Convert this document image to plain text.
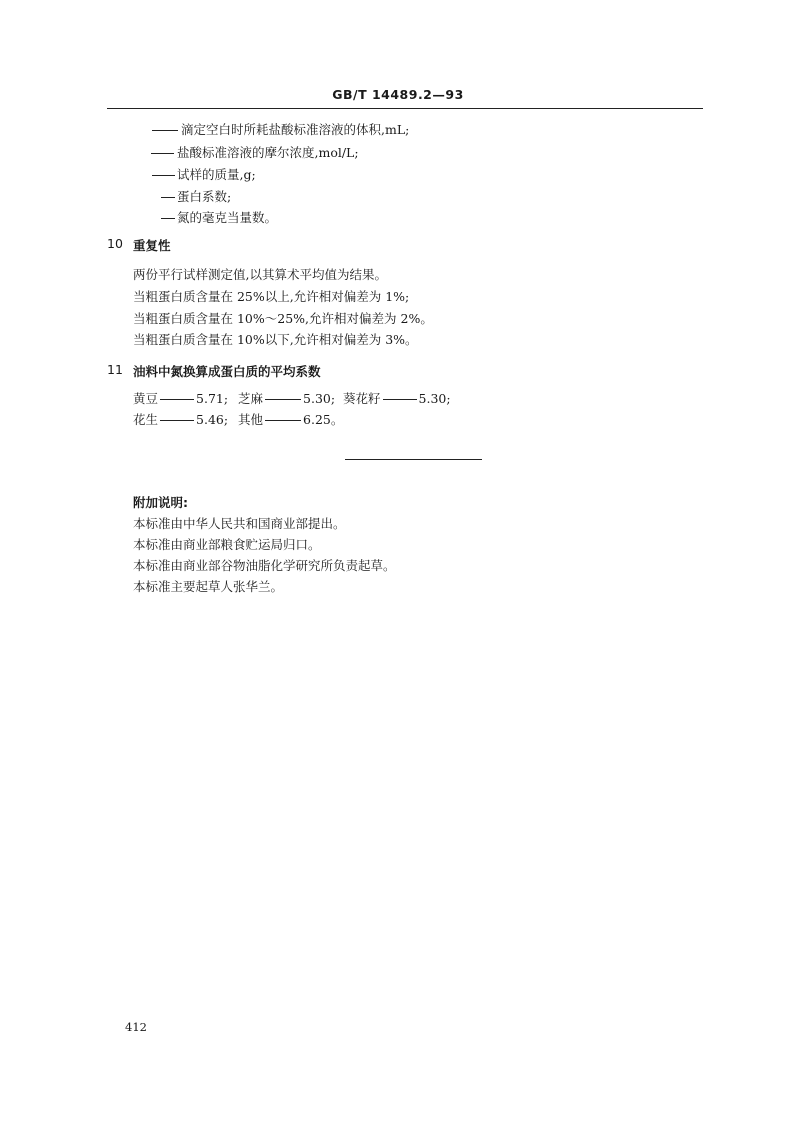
GB/T 14489.2—93
滴定空白时所耗盐酸标准溶液的体积,mL;
盐酸标准溶液的摩尔浓度,mol/L;
试样的质量,g;
蛋白系数;
氮的毫克当量数。
10 重复性
两份平行试样测定值,以其算术平均值为结果。
当粗蛋白质含量在 25%以上,允许相对偏差为 1%;
当粗蛋白质含量在 10%～25%,允许相对偏差为 2%。
当粗蛋白质含量在 10%以下,允许相对偏差为 3%。
11 油料中氮换算成蛋白质的平均系数
黄豆	5.71; 芝麻	5.30; 葵花籽	5.30;
花生	5.46; 其他	6.25。
附加说明:
本标准由中华人民共和国商业部提出。
本标准由商业部粮食贮运局归口。
本标准由商业部谷物油脂化学研究所负责起草。
本标准主要起草人张华兰。
412
